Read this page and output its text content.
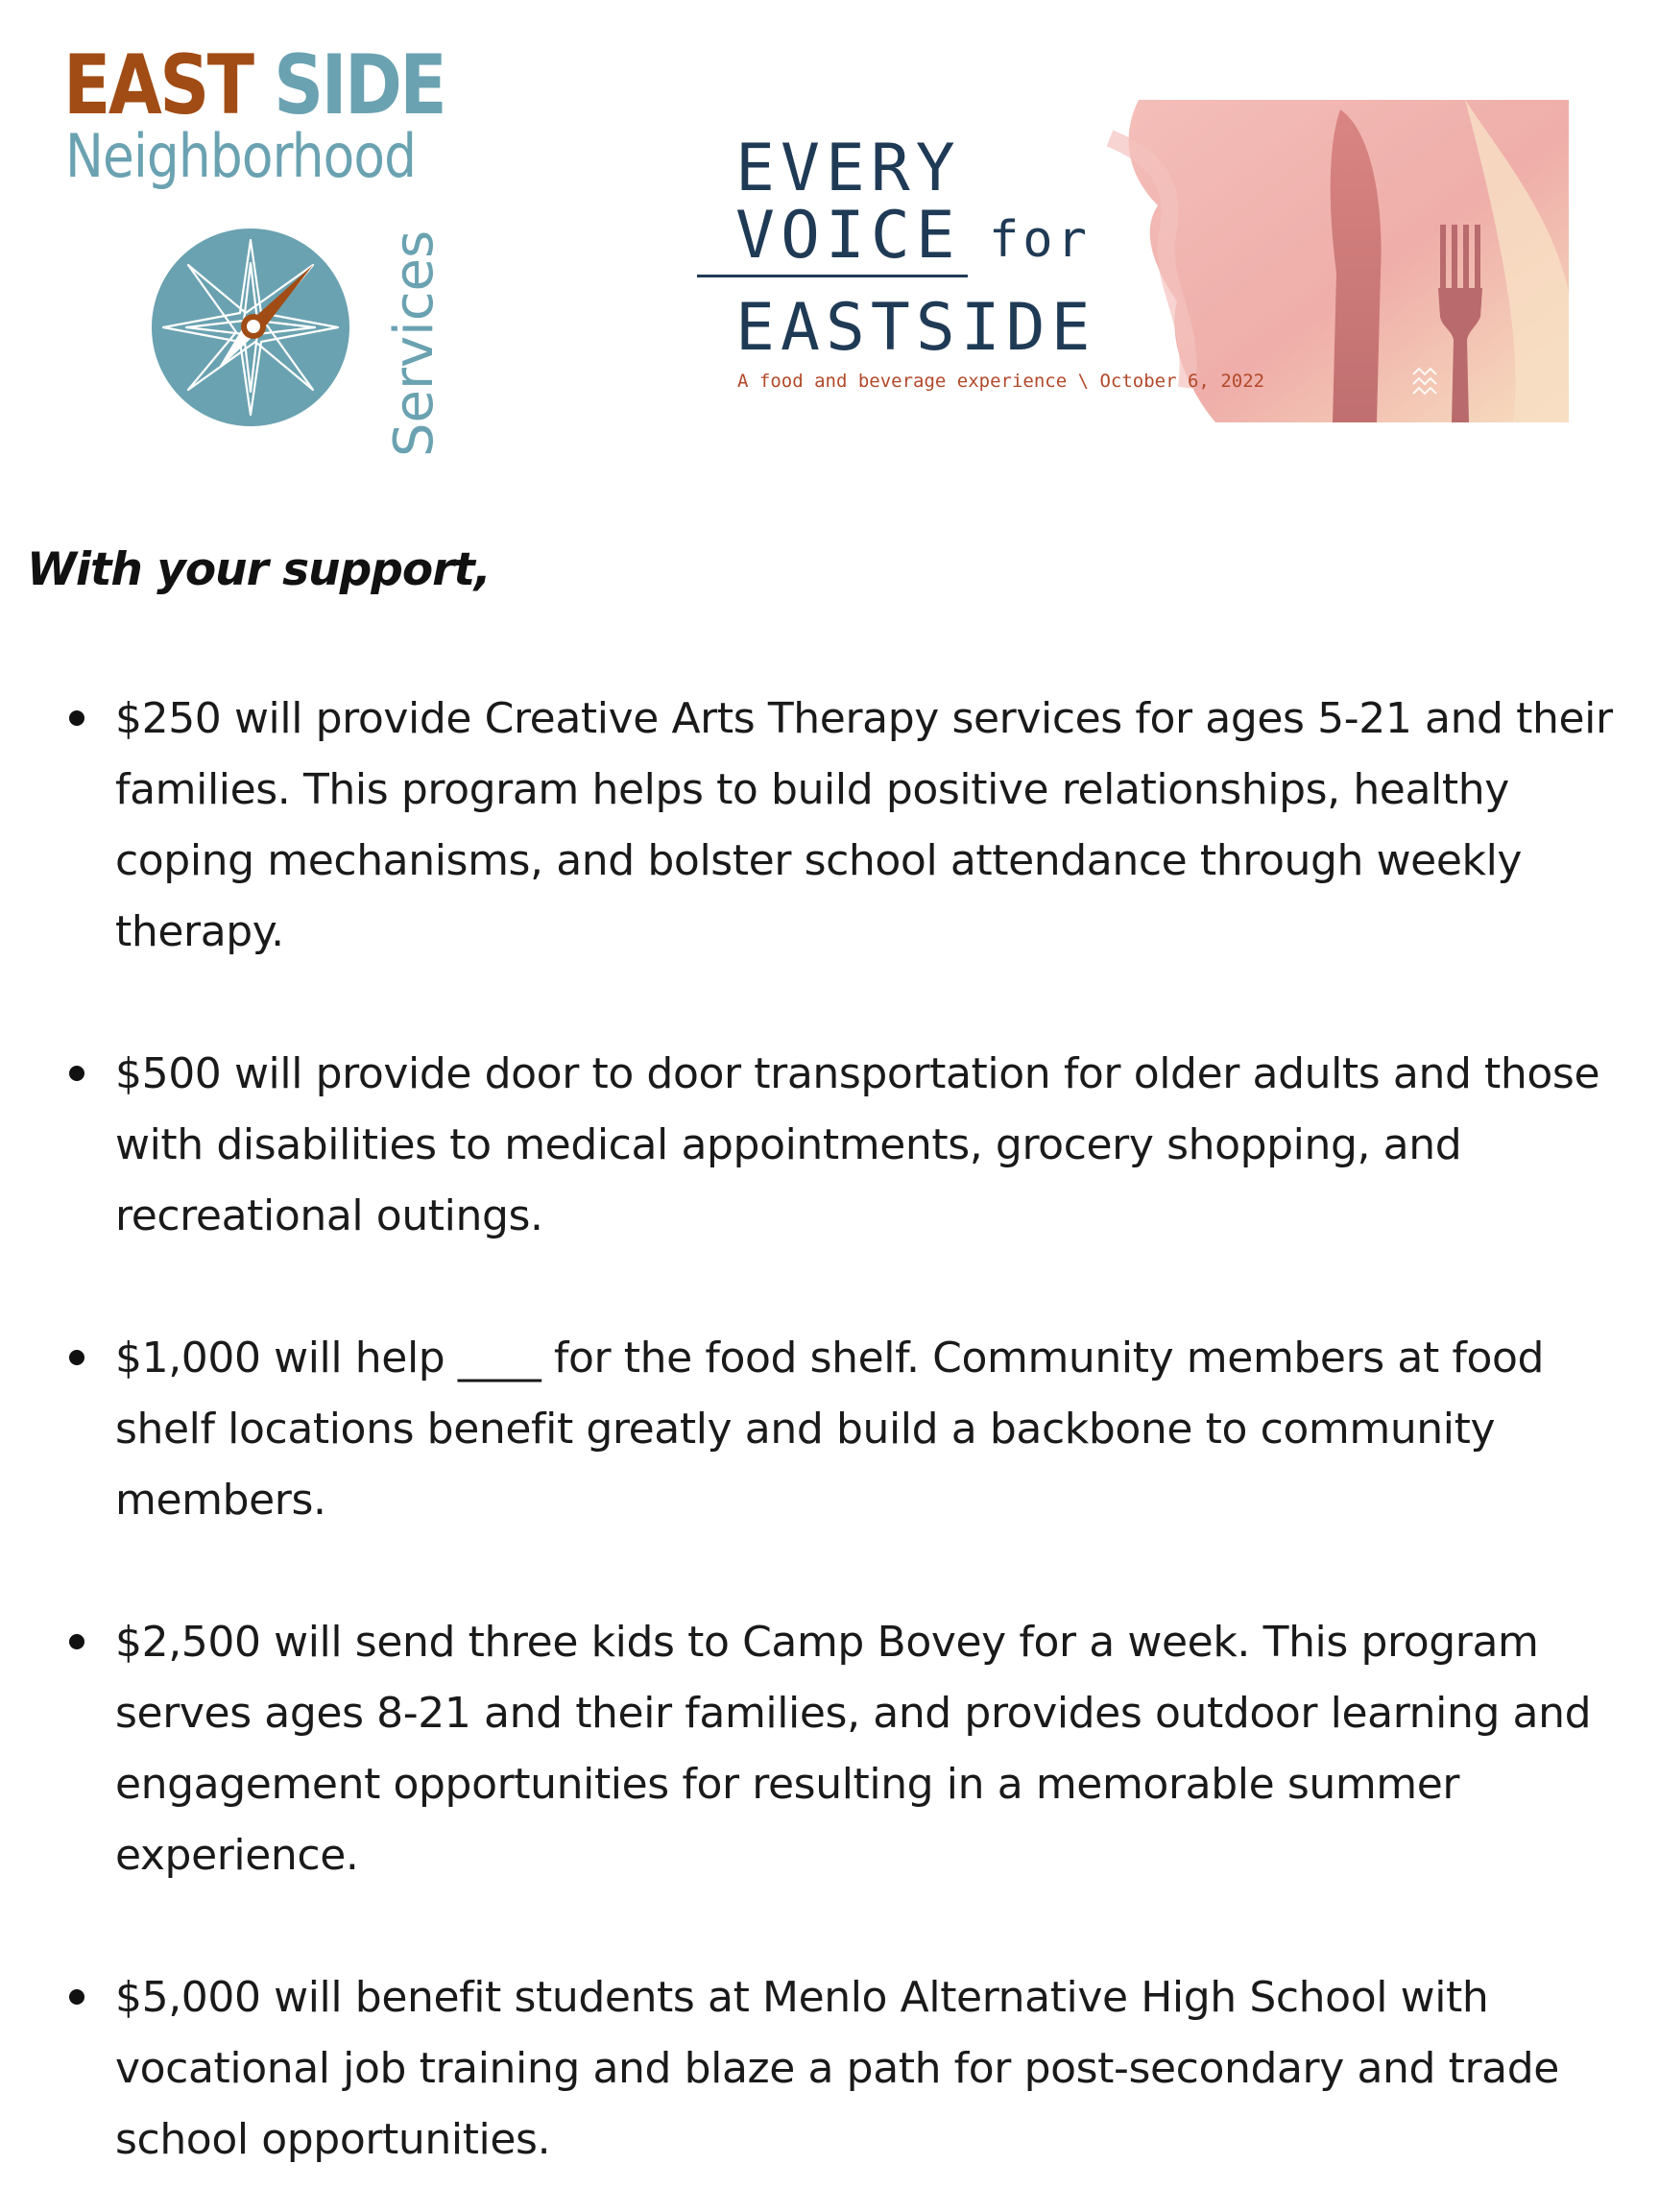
EAST SIDE
Neighborhood
Services
EVERY
VOICE for
EASTSIDE
A food and beverage experience \ October 6, 2022
With your support,

$250 will provide Creative Arts Therapy services for ages 5-21 and their families. This program helps to build positive relationships, healthy coping mechanisms, and bolster school attendance through weekly therapy.

$500 will provide door to door transportation for older adults and those with disabilities to medical appointments, grocery shopping, and recreational outings.

$1,000 will help ____ for the food shelf. Community members at food shelf locations benefit greatly and build a backbone to community members.

$2,500 will send three kids to Camp Bovey for a week. This program serves ages 8-21 and their families, and provides outdoor learning and engagement opportunities for resulting in a memorable summer experience.

$5,000 will benefit students at Menlo Alternative High School with vocational job training and blaze a path for post-secondary and trade school opportunities.
